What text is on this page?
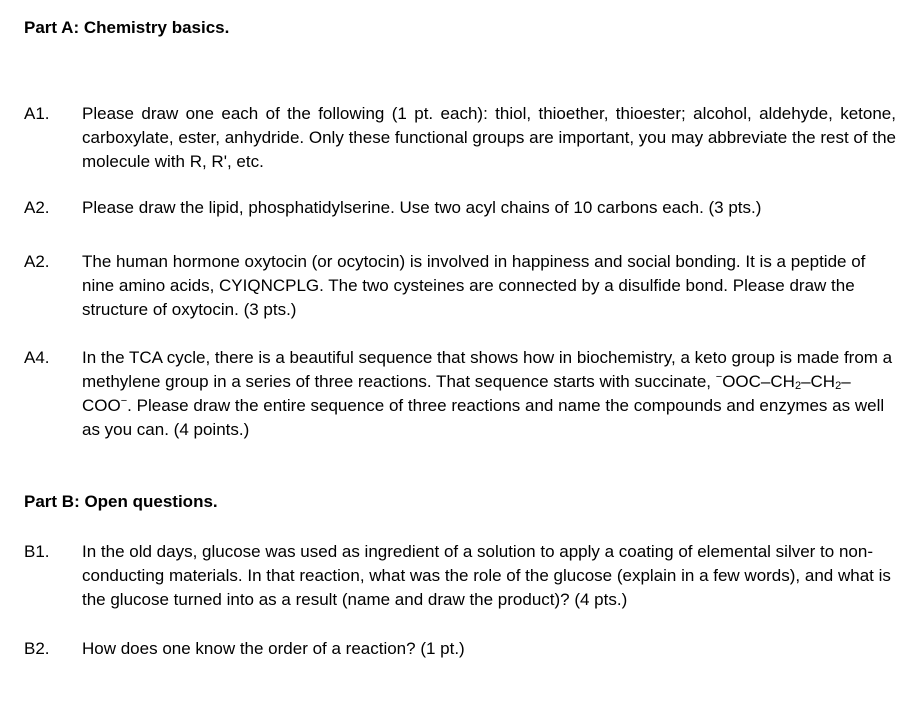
Part A: Chemistry basics.
A1.	Please draw one each of the following (1 pt. each): thiol, thioether, thioester; alcohol, aldehyde, ketone, carboxylate, ester, anhydride. Only these functional groups are important, you may abbreviate the rest of the molecule with R, R', etc.
A2.	Please draw the lipid, phosphatidylserine. Use two acyl chains of 10 carbons each. (3 pts.)
A2.	The human hormone oxytocin (or ocytocin) is involved in happiness and social bonding. It is a peptide of nine amino acids, CYIQNCPLG. The two cysteines are connected by a disulfide bond. Please draw the structure of oxytocin. (3 pts.)
A4.	In the TCA cycle, there is a beautiful sequence that shows how in biochemistry, a keto group is made from a methylene group in a series of three reactions. That sequence starts with succinate, $^-OOC-CH_2-CH_2-COO^-$. Please draw the entire sequence of three reactions and name the compounds and enzymes as well as you can. (4 points.)
Part B: Open questions.
B1.	In the old days, glucose was used as ingredient of a solution to apply a coating of elemental silver to non-conducting materials. In that reaction, what was the role of the glucose (explain in a few words), and what is the glucose turned into as a result (name and draw the product)? (4 pts.)
B2.	How does one know the order of a reaction? (1 pt.)
